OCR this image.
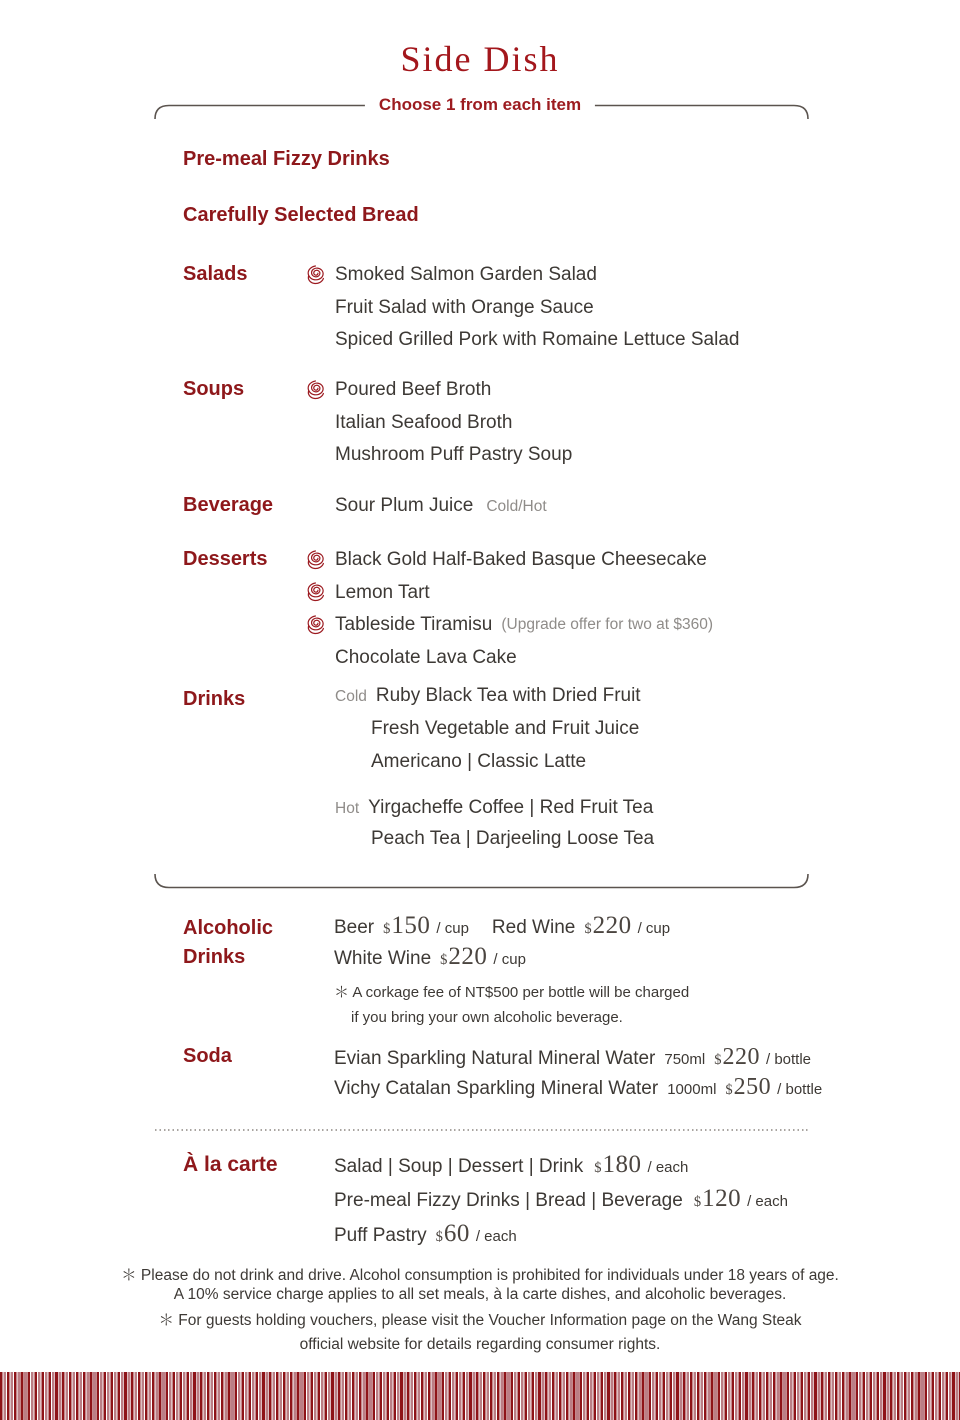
Side Dish
Choose 1 from each item
Pre-meal Fizzy Drinks
Carefully Selected Bread
Salads	Smoked Salmon Garden Salad
Fruit Salad with Orange Sauce
Spiced Grilled Pork with Romaine Lettuce Salad
Soups	Poured Beef Broth
Italian Seafood Broth
Mushroom Puff Pastry Soup
Beverage	Sour Plum Juice Cold/Hot
Desserts	Black Gold Half-Baked Basque Cheesecake
Lemon Tart
Tableside Tiramisu (Upgrade offer for two at $360)
Chocolate Lava Cake
Drinks	Cold Ruby Black Tea with Dried Fruit
Fresh Vegetable and Fruit Juice
Americano | Classic Latte
Hot Yirgacheffe Coffee | Red Fruit Tea
Peach Tea | Darjeeling Loose Tea
Alcoholic
Drinks
Beer $ 150 / cup Red Wine $ 220 / cup
White Wine $ 220 / cup
＊ A corkage fee of NT$500 per bottle will be charged
if you bring your own alcoholic beverage.
Soda	Evian Sparkling Natural Mineral Water 750ml $ 220 / bottle
Vichy Catalan Sparkling Mineral Water 1000ml $ 250 / bottle
À la carte	Salad | Soup | Dessert | Drink $ 180 / each
Pre-meal Fizzy Drinks | Bread | Beverage $ 120 / each
Puff Pastry $ 60 / each
＊ Please do not drink and drive. Alcohol consumption is prohibited for individuals under 18 years of age.
A 10% service charge applies to all set meals, à la carte dishes, and alcoholic beverages.
＊ For guests holding vouchers, please visit the Voucher Information page on the Wang Steak
official website for details regarding consumer rights.
